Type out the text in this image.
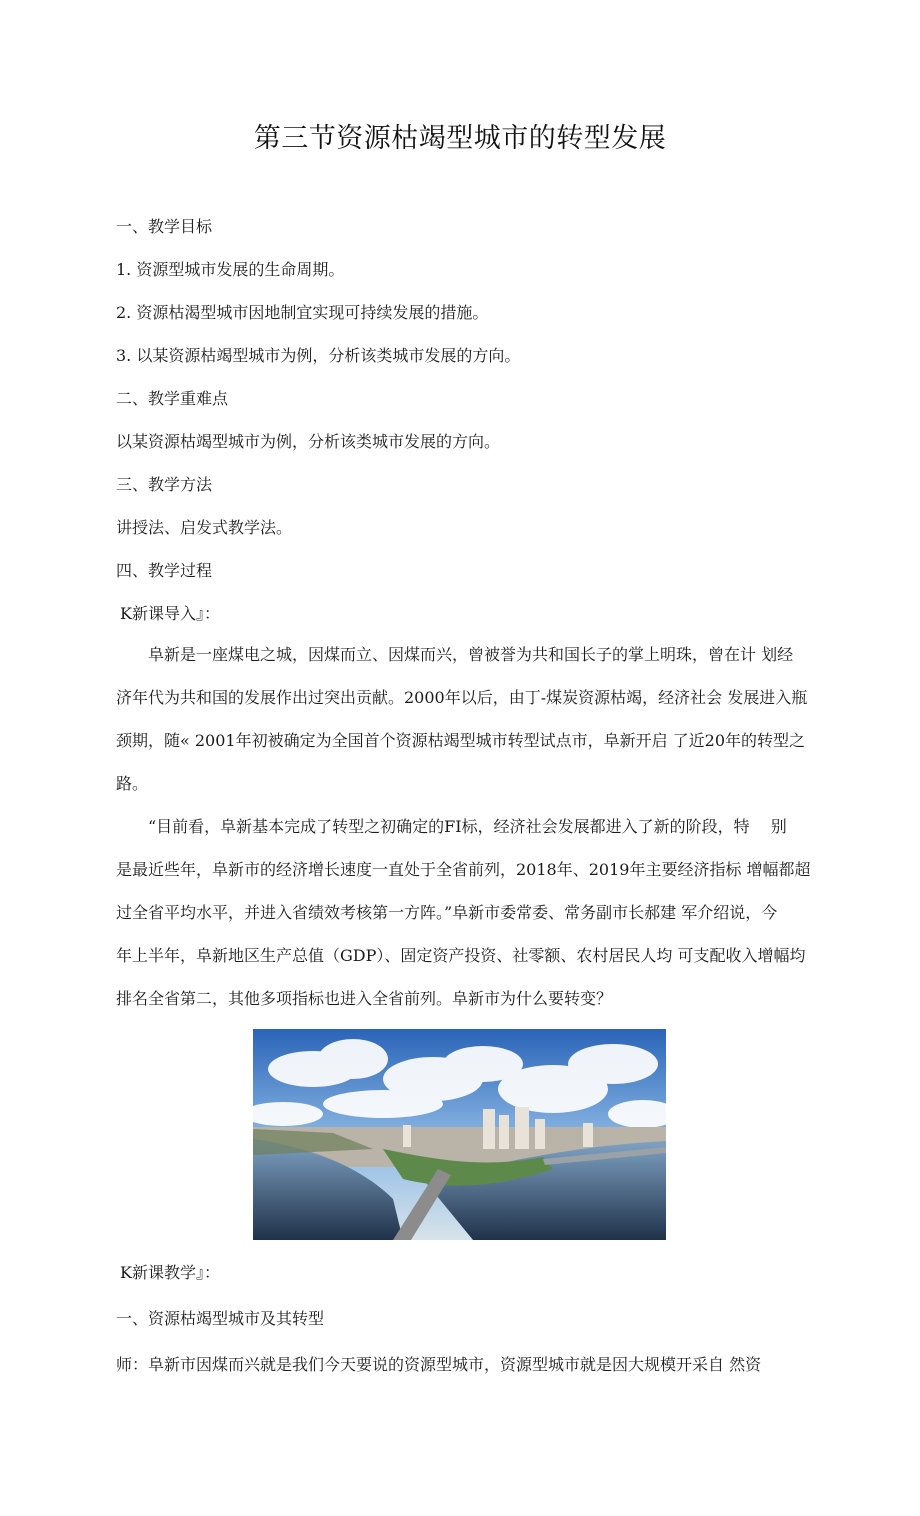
第三节资源枯竭型城市的转型发展
一、教学目标
1. 资源型城市发展的生命周期。
2. 资源枯渴型城市因地制宜实现可持续发展的措施。
3. 以某资源枯竭型城市为例，分析该类城市发展的方向。
二、教学重难点
以某资源枯竭型城市为例，分析该类城市发展的方向。
三、教学方法
讲授法、启发式教学法。
四、教学过程
K新课导入』：
阜新是一座煤电之城，因煤而立、因煤而兴，曾被誉为共和国长子的掌上明珠，曾在计 划经
济年代为共和国的发展作出过突出贡献。2000年以后，由丁-煤炭资源枯竭，经济社会 发展进入瓶
颈期，随« 2001年初被确定为全国首个资源枯竭型城市转型试点市，阜新开启 了近20年的转型之
路。
“目前看，阜新基本完成了转型之初确定的FI标，经济社会发展都进入了新的阶段，特　 别
是最近些年，阜新市的经济增长速度一直处于全省前列，2018年、2019年主要经济指标 增幅都超
过全省平均水平，并进入省绩效考核第一方阵。”阜新市委常委、常务副市长郝建 军介绍说，今
年上半年，阜新地区生产总值（GDP）、固定资产投资、社零额、农村居民人均 可支配收入增幅均
排名全省第二，其他多项指标也进入全省前列。阜新市为什么要转变？
K新课教学』：
一、资源枯竭型城市及其转型
师：阜新市因煤而兴就是我们今天要说的资源型城市，资源型城市就是因大规模开采自 然资
